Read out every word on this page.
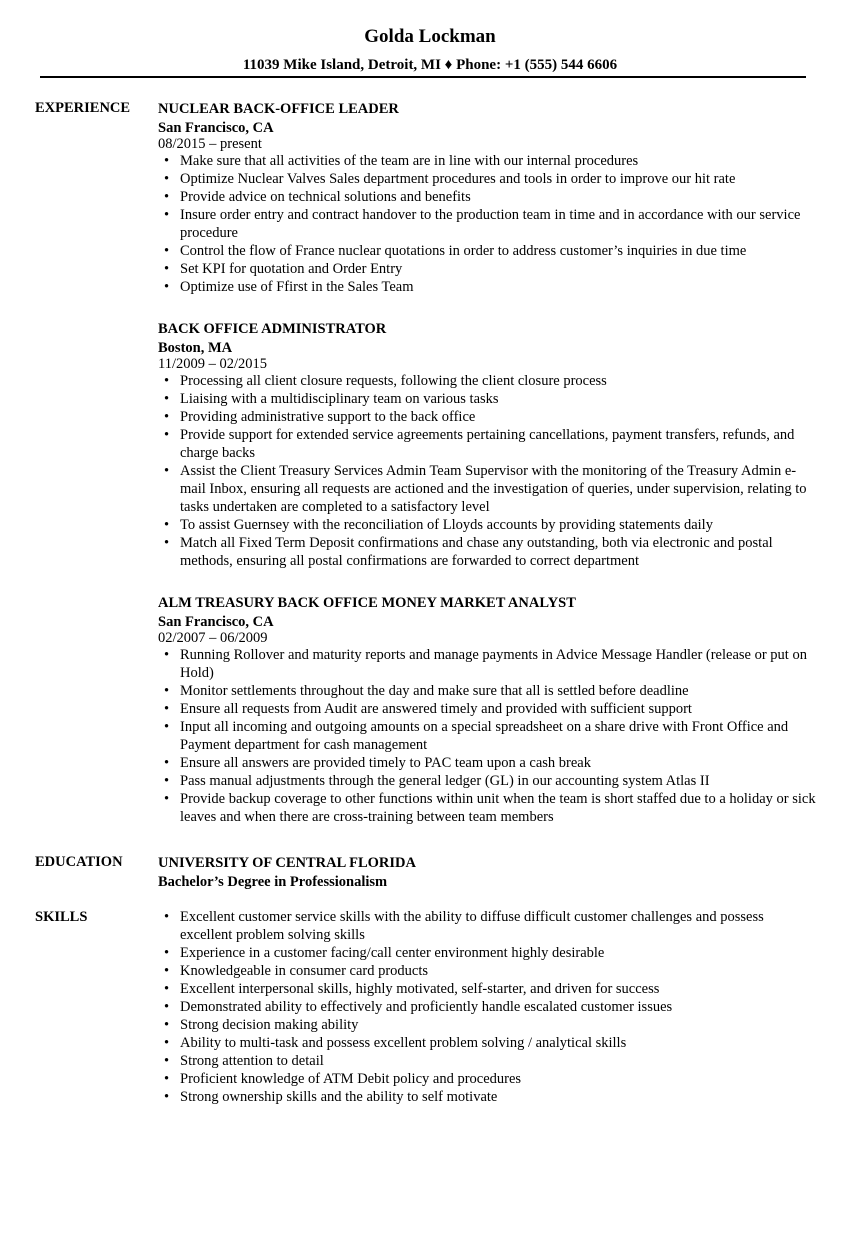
Golda Lockman
11039 Mike Island, Detroit, MI ♦ Phone: +1 (555) 544 6606
EXPERIENCE NUCLEAR BACK-OFFICE LEADER
San Francisco, CA
08/2015 – present
• Make sure that all activities of the team are in line with our internal procedures
• Optimize Nuclear Valves Sales department procedures and tools in order to improve our hit rate
• Provide advice on technical solutions and benefits
• Insure order entry and contract handover to the production team in time and in accordance with our service procedure
• Control the flow of France nuclear quotations in order to address customer’s inquiries in due time
• Set KPI for quotation and Order Entry
• Optimize use of Ffirst in the Sales Team
BACK OFFICE ADMINISTRATOR
Boston, MA
11/2009 – 02/2015
• Processing all client closure requests, following the client closure process
• Liaising with a multidisciplinary team on various tasks
• Providing administrative support to the back office
• Provide support for extended service agreements pertaining cancellations, payment transfers, refunds, and charge backs
• Assist the Client Treasury Services Admin Team Supervisor with the monitoring of the Treasury Admin e-mail Inbox, ensuring all requests are actioned and the investigation of queries, under supervision, relating to tasks undertaken are completed to a satisfactory level
• To assist Guernsey with the reconciliation of Lloyds accounts by providing statements daily
• Match all Fixed Term Deposit confirmations and chase any outstanding, both via electronic and postal methods, ensuring all postal confirmations are forwarded to correct department
ALM TREASURY BACK OFFICE MONEY MARKET ANALYST
San Francisco, CA
02/2007 – 06/2009
• Running Rollover and maturity reports and manage payments in Advice Message Handler (release or put on Hold)
• Monitor settlements throughout the day and make sure that all is settled before deadline
• Ensure all requests from Audit are answered timely and provided with sufficient support
• Input all incoming and outgoing amounts on a special spreadsheet on a share drive with Front Office and Payment department for cash management
• Ensure all answers are provided timely to PAC team upon a cash break
• Pass manual adjustments through the general ledger (GL) in our accounting system Atlas II
• Provide backup coverage to other functions within unit when the team is short staffed due to a holiday or sick leaves and when there are cross-training between team members
EDUCATION UNIVERSITY OF CENTRAL FLORIDA
Bachelor’s Degree in Professionalism
SKILLS
•	Excellent customer service skills with the ability to diffuse difficult customer challenges and possess excellent problem solving skills
• Experience in a customer facing/call center environment highly desirable
• Knowledgeable in consumer card products
• Excellent interpersonal skills, highly motivated, self-starter, and driven for success
• Demonstrated ability to effectively and proficiently handle escalated customer issues
• Strong decision making ability
• Ability to multi-task and possess excellent problem solving / analytical skills
• Strong attention to detail
• Proficient knowledge of ATM Debit policy and procedures
• Strong ownership skills and the ability to self motivate
